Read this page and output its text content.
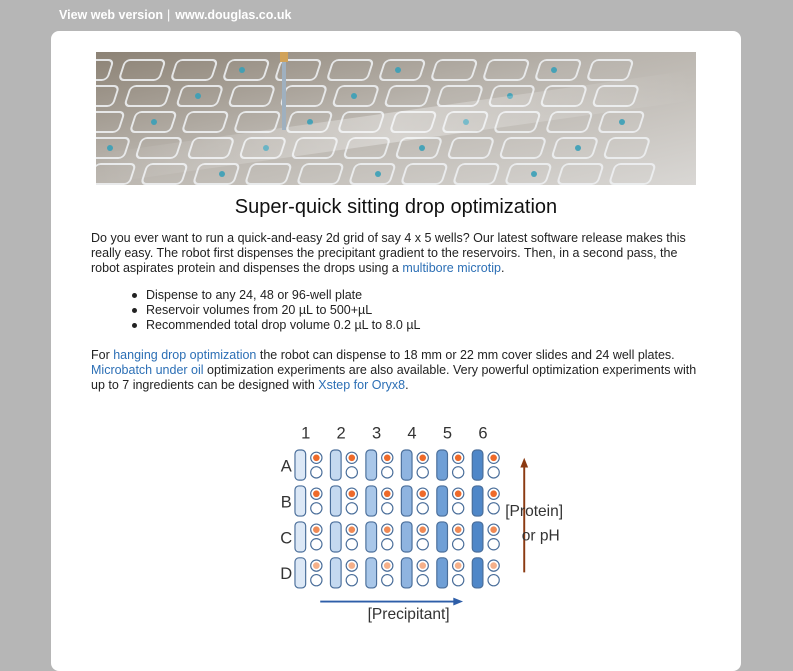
View web version | www.douglas.co.uk
Super-quick sitting drop optimization

Do you ever want to run a quick-and-easy 2d grid of say 4 x 5 wells? Our latest software release makes this really easy. The robot first dispenses the precipitant gradient to the reservoirs. Then, in a second pass, the robot aspirates protein and dispenses the drops using a multibore microtip.

Dispense to any 24, 48 or 96-well plate
Reservoir volumes from 20 µL to 500+µL
Recommended total drop volume 0.2 µL to 8.0 µL

For hanging drop optimization the robot can dispense to 18 mm or 22 mm cover slides and 24 well plates. Microbatch under oil optimization experiments are also available. Very powerful optimization experiments with up to 7 ingredients can be designed with Xstep for Oryx8.

1 2 3 4 5 6
A
B
C
D
[Protein]
or pH
[Precipitant]
